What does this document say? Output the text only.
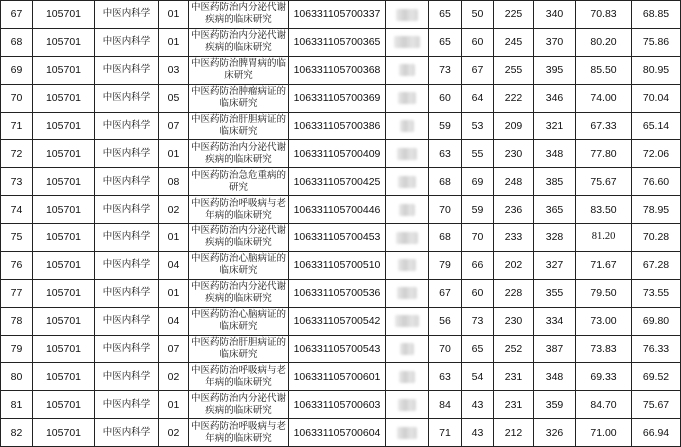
67	105701	中医内科学	01	中医药防治内分泌代谢疾病的临床研究	106331105700337		65	50	225	340	70.83	68.85
68	105701	中医内科学	01	中医药防治内分泌代谢疾病的临床研究	106331105700365		65	60	245	370	80.20	75.86
69	105701	中医内科学	03	中医药防治脾胃病的临床研究	106331105700368		73	67	255	395	85.50	80.95
70	105701	中医内科学	05	中医药防治肿瘤病证的临床研究	106331105700369		60	64	222	346	74.00	70.04
71	105701	中医内科学	07	中医药防治肝胆病证的临床研究	106331105700386		59	53	209	321	67.33	65.14
72	105701	中医内科学	01	中医药防治内分泌代谢疾病的临床研究	106331105700409		63	55	230	348	77.80	72.06
73	105701	中医内科学	08	中医药防治急危重病的研究	106331105700425		68	69	248	385	75.67	76.60
74	105701	中医内科学	02	中医药防治呼吸病与老年病的临床研究	106331105700446		70	59	236	365	83.50	78.95
75	105701	中医内科学	01	中医药防治内分泌代谢疾病的临床研究	106331105700453		68	70	233	328	81.20	70.28
76	105701	中医内科学	04	中医药防治心脑病证的临床研究	106331105700510		79	66	202	327	71.67	67.28
77	105701	中医内科学	01	中医药防治内分泌代谢疾病的临床研究	106331105700536		67	60	228	355	79.50	73.55
78	105701	中医内科学	04	中医药防治心脑病证的临床研究	106331105700542		56	73	230	334	73.00	69.80
79	105701	中医内科学	07	中医药防治肝胆病证的临床研究	106331105700543		70	65	252	387	73.83	76.33
80	105701	中医内科学	02	中医药防治呼吸病与老年病的临床研究	106331105700601		63	54	231	348	69.33	69.52
81	105701	中医内科学	01	中医药防治内分泌代谢疾病的临床研究	106331105700603		84	43	231	359	84.70	75.67
82	105701	中医内科学	02	中医药防治呼吸病与老年病的临床研究	106331105700604		71	43	212	326	71.00	66.94
